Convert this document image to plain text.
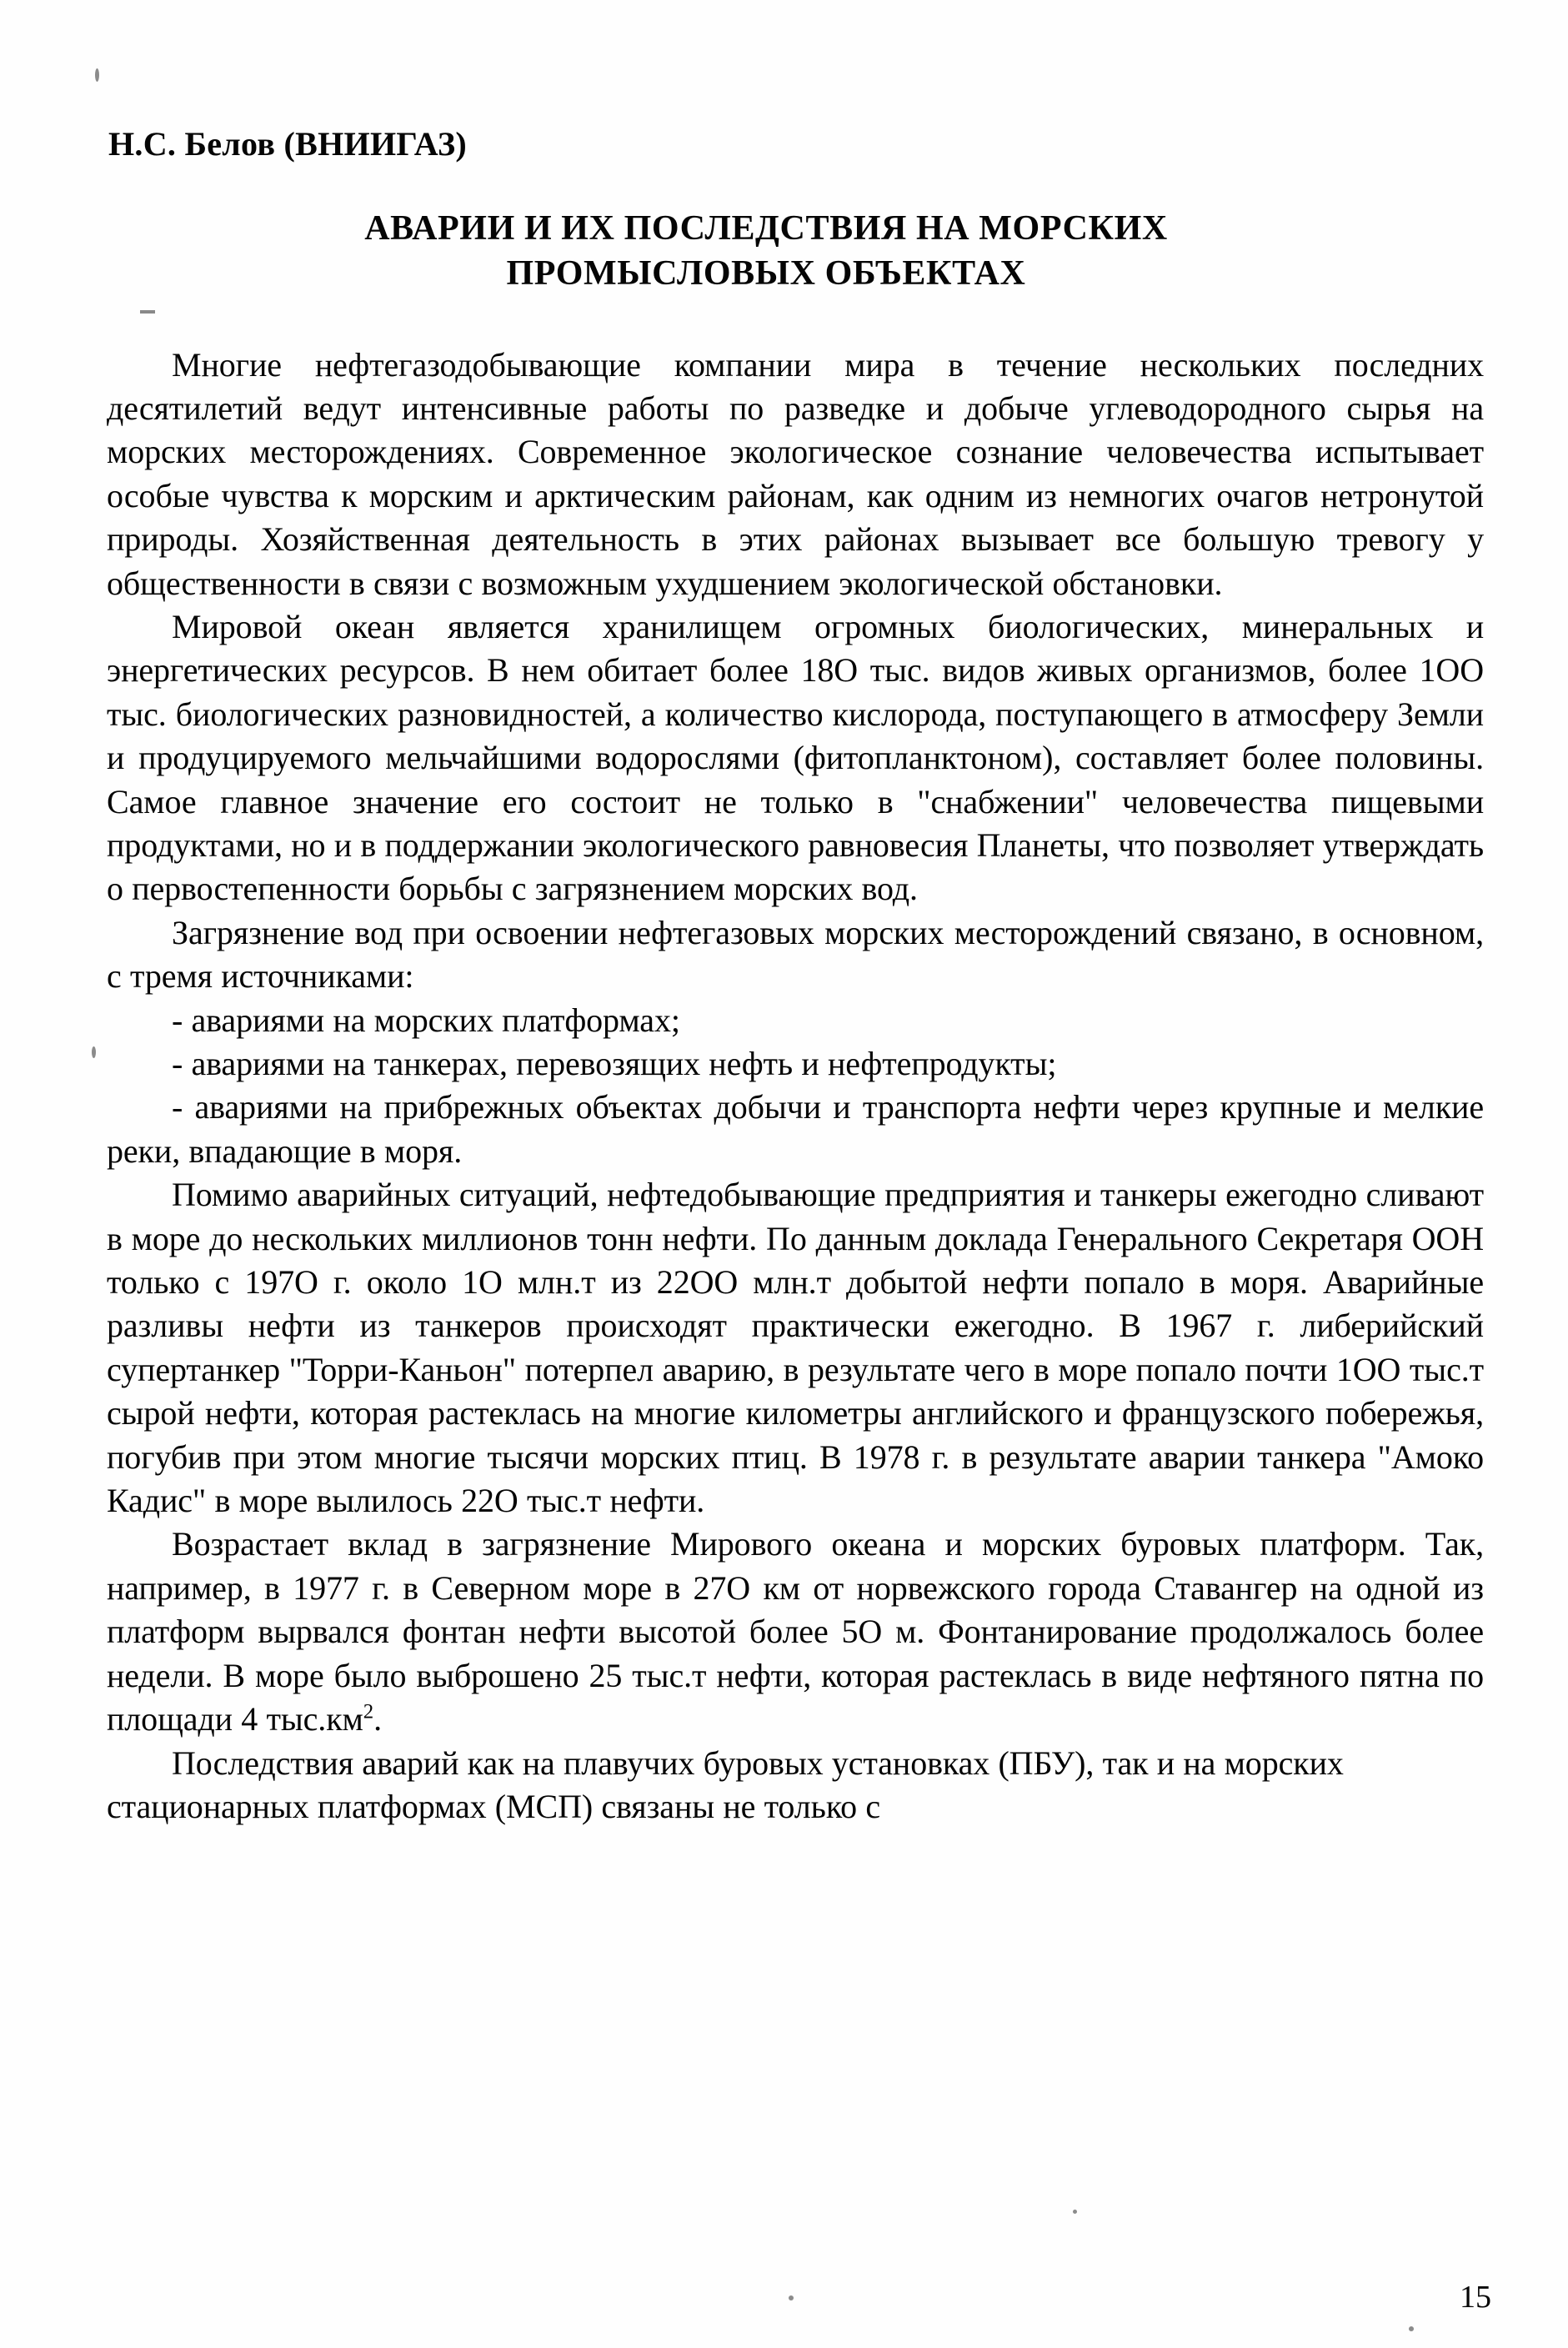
Н.С. Белов (ВНИИГАЗ)
АВАРИИ И ИХ ПОСЛЕДСТВИЯ НА МОРСКИХ
ПРОМЫСЛОВЫХ ОБЪЕКТАХ

Многие нефтегазодобывающие компании мира в течение нескольких последних десятилетий ведут интенсивные работы по разведке и добыче углеводородного сырья на морских месторождениях. Современное экологическое сознание человечества испытывает особые чувства к морским и арктическим районам, как одним из немногих очагов нетронутой природы. Хозяйственная деятельность в этих районах вызывает все большую тревогу у общественности в связи с возможным ухудшением экологической обстановки.

Мировой океан является хранилищем огромных биологических, минеральных и энергетических ресурсов. В нем обитает более 18О тыс. видов живых организмов, более 1ОО тыс. биологических разновидностей, а количество кислорода, поступающего в атмосферу Земли и продуцируемого мельчайшими водорослями (фитопланктоном), составляет более половины. Самое главное значение его состоит не только в "снабжении" человечества пищевыми продуктами, но и в поддержании экологического равновесия Планеты, что позволяет утверждать о первостепенности борьбы с загрязнением морских вод.

Загрязнение вод при освоении нефтегазовых морских месторождений связано, в основном, с тремя источниками:

- авариями на морских платформах;

- авариями на танкерах, перевозящих нефть и нефтепродукты;

- авариями на прибрежных объектах добычи и транспорта нефти через крупные и мелкие реки, впадающие в моря.

Помимо аварийных ситуаций, нефтедобывающие предприятия и танкеры ежегодно сливают в море до нескольких миллионов тонн нефти. По данным доклада Генерального Секретаря ООН только с 197О г. около 1О млн.т из 22ОО млн.т добытой нефти попало в моря. Аварийные разливы нефти из танкеров происходят практически ежегодно. В 1967 г. либерийский супертанкер "Торри-Каньон" потерпел аварию, в результате чего в море попало почти 1ОО тыс.т сырой нефти, которая растеклась на многие километры английского и французского побережья, погубив при этом многие тысячи морских птиц. В 1978 г. в результате аварии танкера "Амоко Кадис" в море вылилось 22О тыс.т нефти.

Возрастает вклад в загрязнение Мирового океана и морских буровых платформ. Так, например, в 1977 г. в Северном море в 27О км от норвежского города Ставангер на одной из платформ вырвался фонтан нефти высотой более 5О м. Фонтанирование продолжалось более недели. В море было выброшено 25 тыс.т нефти, которая растеклась в виде нефтяного пятна по площади 4 $тыс.км^2$.

Последствия аварий как на плавучих буровых установках (ПБУ), так и на морских стационарных платформах (МСП) связаны не только с

15
